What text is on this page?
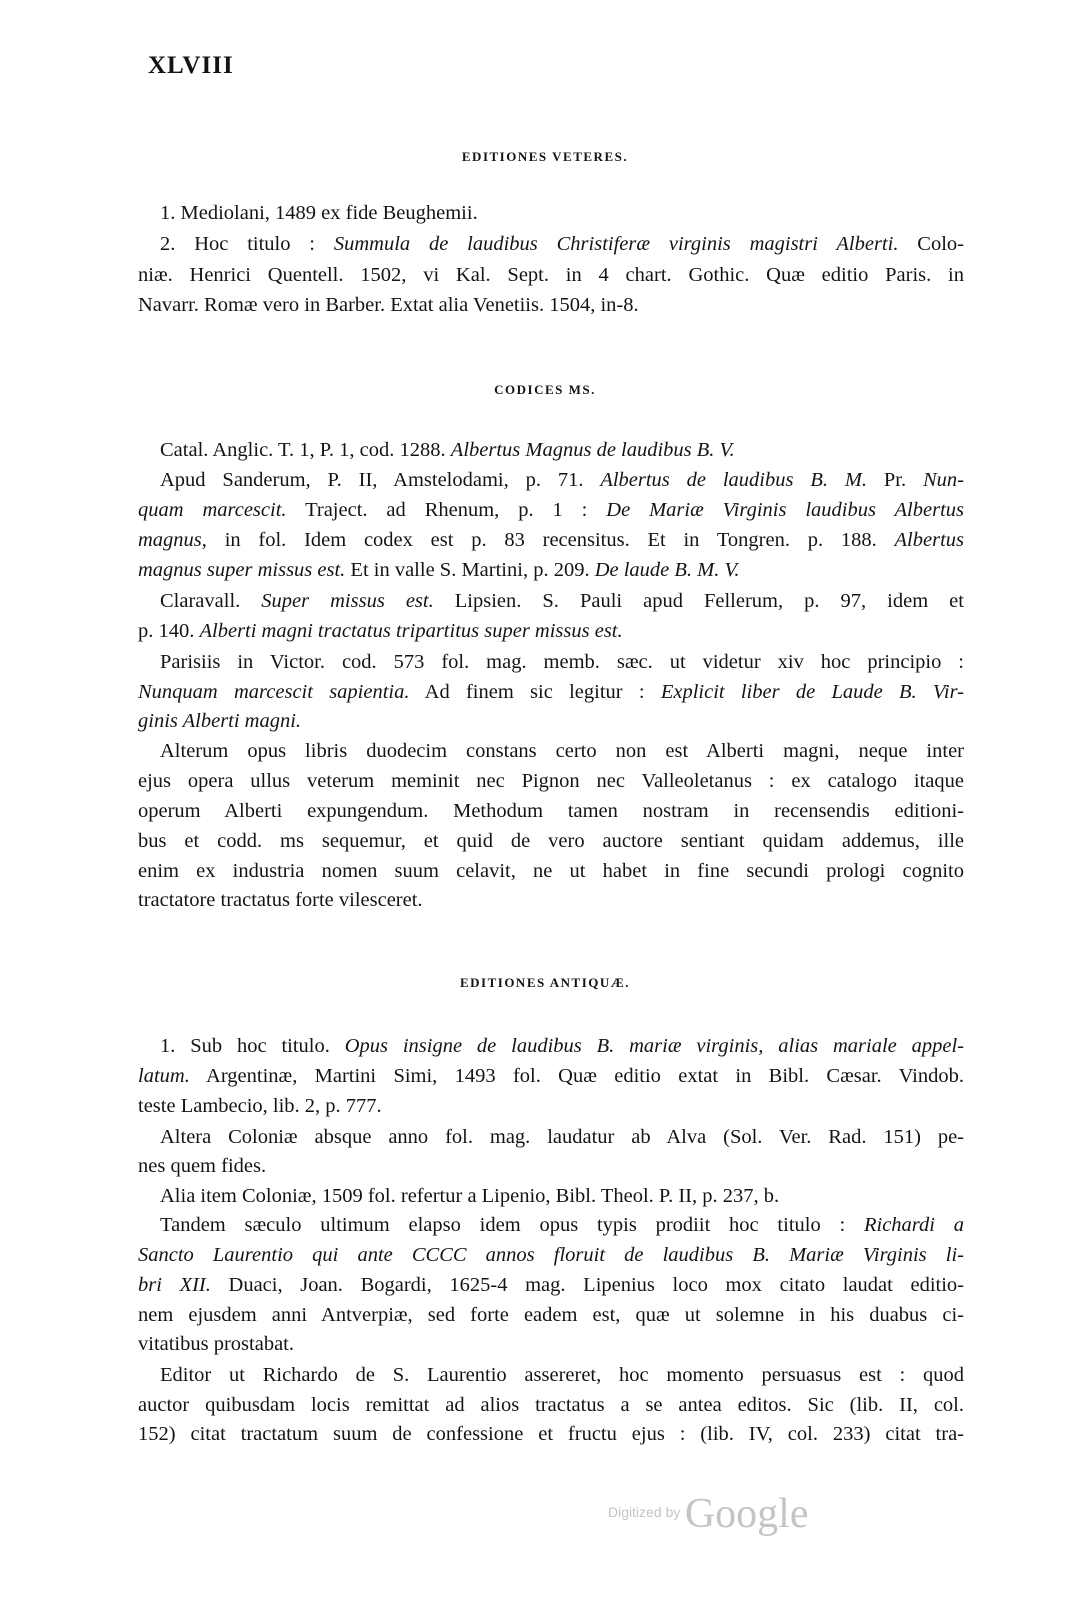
XLVIII
EDITIONES VETERES.
1. Mediolani, 1489 ex fide Beughemii.
2. Hoc titulo : Summula de laudibus Christiferæ virginis magistri Alberti. Colo-
niæ. Henrici Quentell. 1502, vi Kal. Sept. in 4 chart. Gothic. Quæ editio Paris. in
Navarr. Romæ vero in Barber. Extat alia Venetiis. 1504, in-8.
CODICES MS.
Catal. Anglic. T. 1, P. 1, cod. 1288. Albertus Magnus de laudibus B. V.
Apud Sanderum, P. II, Amstelodami, p. 71. Albertus de laudibus B. M. Pr. Nun-
quam marcescit. Traject. ad Rhenum, p. 1 : De Mariæ Virginis laudibus Albertus
magnus, in fol. Idem codex est p. 83 recensitus. Et in Tongren. p. 188. Albertus
magnus super missus est. Et in valle S. Martini, p. 209. De laude B. M. V.
Claravall. Super missus est. Lipsien. S. Pauli apud Fellerum, p. 97, idem et
p. 140. Alberti magni tractatus tripartitus super missus est.
Parisiis in Victor. cod. 573 fol. mag. memb. sæc. ut videtur xiv hoc principio :
Nunquam marcescit sapientia. Ad finem sic legitur : Explicit liber de Laude B. Vir-
ginis Alberti magni.
Alterum opus libris duodecim constans certo non est Alberti magni, neque inter
ejus opera ullus veterum meminit nec Pignon nec Valleoletanus : ex catalogo itaque
operum Alberti expungendum. Methodum tamen nostram in recensendis editioni-
bus et codd. ms sequemur, et quid de vero auctore sentiant quidam addemus, ille
enim ex industria nomen suum celavit, ne ut habet in fine secundi prologi cognito
tractatore tractatus forte vilesceret.
EDITIONES ANTIQUÆ.
1. Sub hoc titulo. Opus insigne de laudibus B. mariæ virginis, alias mariale appel-
latum. Argentinæ, Martini Simi, 1493 fol. Quæ editio extat in Bibl. Cæsar. Vindob.
teste Lambecio, lib. 2, p. 777.
Altera Coloniæ absque anno fol. mag. laudatur ab Alva (Sol. Ver. Rad. 151) pe-
nes quem fides.
Alia item Coloniæ, 1509 fol. refertur a Lipenio, Bibl. Theol. P. II, p. 237, b.
Tandem sæculo ultimum elapso idem opus typis prodiit hoc titulo : Richardi a
Sancto Laurentio qui ante CCCC annos floruit de laudibus B. Mariæ Virginis li-
bri XII. Duaci, Joan. Bogardi, 1625-4 mag. Lipenius loco mox citato laudat editio-
nem ejusdem anni Antverpiæ, sed forte eadem est, quæ ut solemne in his duabus ci-
vitatibus prostabat.
Editor ut Richardo de S. Laurentio assereret, hoc momento persuasus est : quod
auctor quibusdam locis remittat ad alios tractatus a se antea editos. Sic (lib. II, col.
152) citat tractatum suum de confessione et fructu ejus : (lib. IV, col. 233) citat tra-
Digitized by Google
